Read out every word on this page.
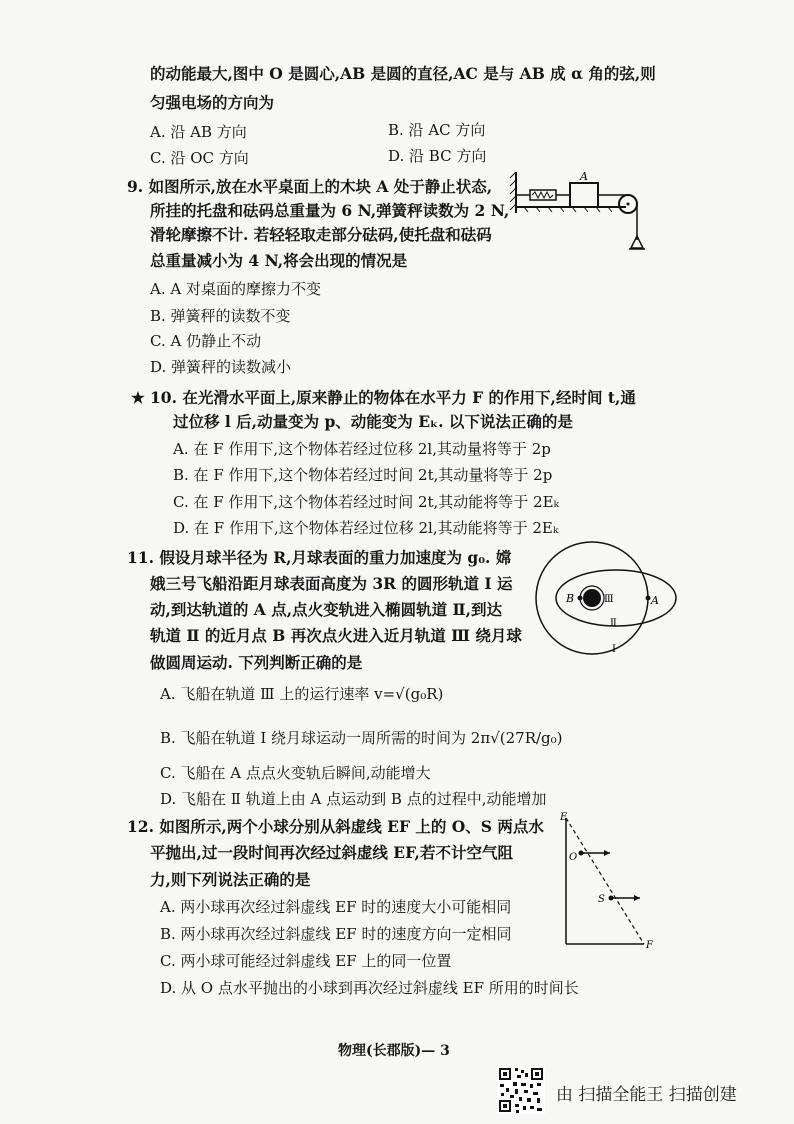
的动能最大,图中 O 是圆心,AB 是圆的直径,AC 是与 AB 成 α 角的弦,则
匀强电场的方向为
A. 沿 AB 方向	B. 沿 AC 方向
C. 沿 OC 方向	D. 沿 BC 方向
9. 如图所示,放在水平桌面上的木块 A 处于静止状态,
所挂的托盘和砝码总重量为 6 N,弹簧秤读数为 2 N,
滑轮摩擦不计. 若轻轻取走部分砝码,使托盘和砝码
总重量减小为 4 N,将会出现的情况是
A. A 对桌面的摩擦力不变
B. 弹簧秤的读数不变
C. A 仍静止不动
D. 弹簧秤的读数减小
A
★ 10. 在光滑水平面上,原来静止的物体在水平力 F 的作用下,经时间 t,通
过位移 l 后,动量变为 p、动能变为 Eₖ. 以下说法正确的是
A. 在 F 作用下,这个物体若经过位移 2l,其动量将等于 2p
B. 在 F 作用下,这个物体若经过时间 2t,其动量将等于 2p
C. 在 F 作用下,这个物体若经过时间 2t,其动能将等于 2Eₖ
D. 在 F 作用下,这个物体若经过位移 2l,其动能将等于 2Eₖ
11. 假设月球半径为 R,月球表面的重力加速度为 g₀. 嫦
娥三号飞船沿距月球表面高度为 3R 的圆形轨道 Ⅰ 运
动,到达轨道的 A 点,点火变轨进入椭圆轨道 Ⅱ,到达
轨道 Ⅱ 的近月点 B 再次点火进入近月轨道 Ⅲ 绕月球
做圆周运动. 下列判断正确的是
A. 飞船在轨道 Ⅲ 上的运行速率 v=√(g₀R)
B. 飞船在轨道 Ⅰ 绕月球运动一周所需的时间为 2π√(27R/g₀)
C. 飞船在 A 点点火变轨后瞬间,动能增大
D. 飞船在 Ⅱ 轨道上由 A 点运动到 B 点的过程中,动能增加
B	Ⅲ	A
Ⅱ
Ⅰ
12. 如图所示,两个小球分别从斜虚线 EF 上的 O、S 两点水
平抛出,过一段时间再次经过斜虚线 EF,若不计空气阻
力,则下列说法正确的是
A. 两小球再次经过斜虚线 EF 时的速度大小可能相同
B. 两小球再次经过斜虚线 EF 时的速度方向一定相同
C. 两小球可能经过斜虚线 EF 上的同一位置
D. 从 O 点水平抛出的小球到再次经过斜虚线 EF 所用的时间长
E
O
S
F
物理(长郡版)— 3
由 扫描全能王 扫描创建
